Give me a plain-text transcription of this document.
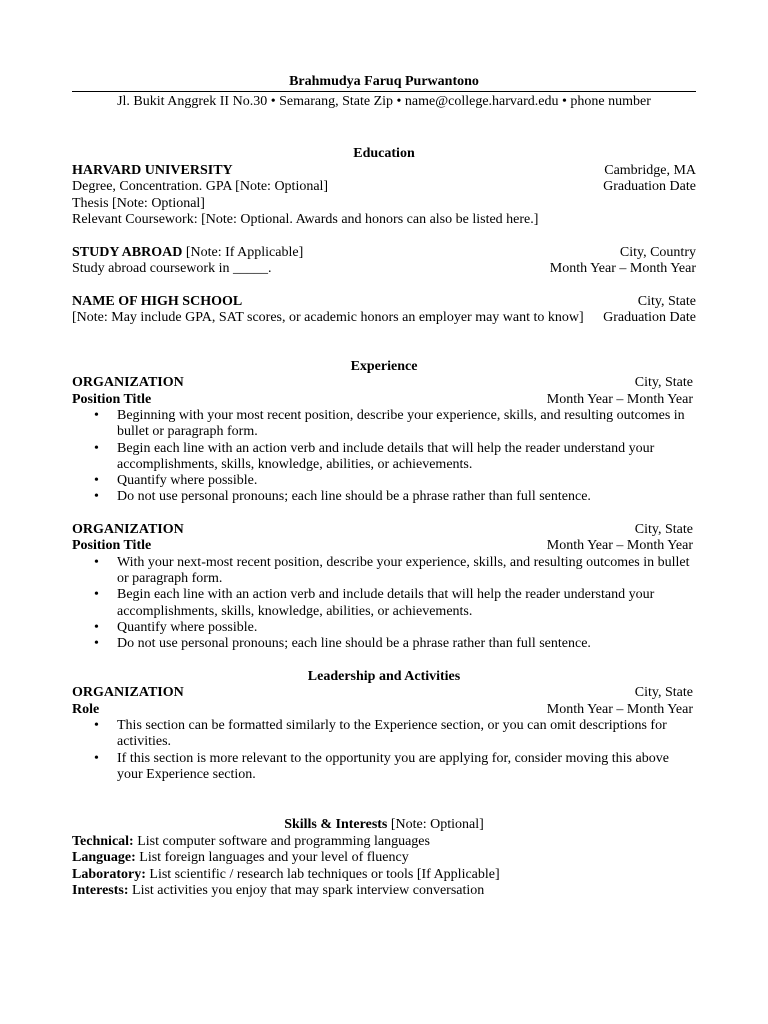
Brahmudya Faruq Purwantono
Jl. Bukit Anggrek II No.30 • Semarang, State Zip • name@college.harvard.edu • phone number
Education
HARVARD UNIVERSITY	Cambridge, MA
Degree, Concentration. GPA [Note: Optional]	Graduation Date
Thesis [Note: Optional]
Relevant Coursework: [Note: Optional. Awards and honors can also be listed here.]
STUDY ABROAD [Note: If Applicable]	City, Country
Study abroad coursework in _____.	Month Year – Month Year
NAME OF HIGH SCHOOL	City, State
[Note: May include GPA, SAT scores, or academic honors an employer may want to know] Graduation Date
Experience
ORGANIZATION	City, State
Position Title	Month Year – Month Year
• Beginning with your most recent position, describe your experience, skills, and resulting outcomes in bullet or paragraph form.
• Begin each line with an action verb and include details that will help the reader understand your accomplishments, skills, knowledge, abilities, or achievements.
• Quantify where possible.
• Do not use personal pronouns; each line should be a phrase rather than full sentence.
ORGANIZATION	City, State
Position Title	Month Year – Month Year
• With your next-most recent position, describe your experience, skills, and resulting outcomes in bullet or paragraph form.
• Begin each line with an action verb and include details that will help the reader understand your accomplishments, skills, knowledge, abilities, or achievements.
• Quantify where possible.
• Do not use personal pronouns; each line should be a phrase rather than full sentence.
Leadership and Activities
ORGANIZATION	City, State
Role	Month Year – Month Year
• This section can be formatted similarly to the Experience section, or you can omit descriptions for activities.
• If this section is more relevant to the opportunity you are applying for, consider moving this above your Experience section.
Skills & Interests [Note: Optional]
Technical: List computer software and programming languages
Language: List foreign languages and your level of fluency
Laboratory: List scientific / research lab techniques or tools [If Applicable]
Interests: List activities you enjoy that may spark interview conversation
